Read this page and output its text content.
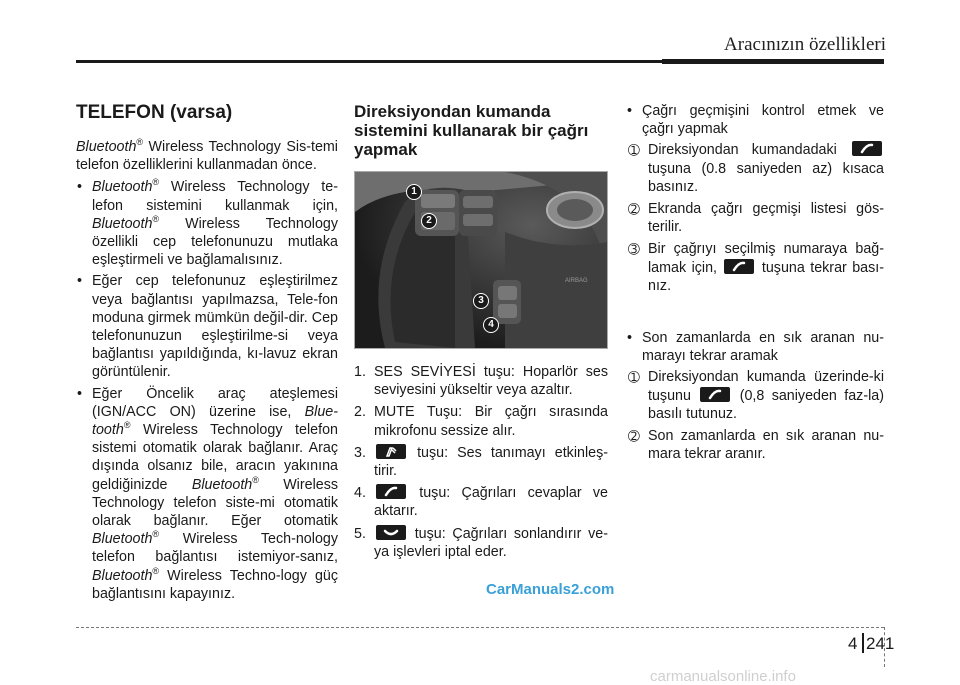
Aracınızın özellikleri
TELEFON (varsa)

Bluetooth® Wireless Technology Sis-temi telefon özelliklerini kullanmadan önce.

• Bluetooth® Wireless Technology te-lefon sistemini kullanmak için, Bluetooth® Wireless Technology özellikli cep telefonunuzu mutlaka eşleştirmeli ve bağlamalısınız.
• Eğer cep telefonunuz eşleştirilmez veya bağlantısı yapılmazsa, Tele-fon moduna girmek mümkün değil-dir. Cep telefonunuzun eşleştirilme-si veya bağlantısı yapıldığında, kı-lavuz ekran görüntülenir.
• Eğer Öncelik araç ateşlemesi (IGN/ACC ON) üzerine ise, Blue-tooth® Wireless Technology telefon sistemi otomatik olarak bağlanır. Araç dışında olsanız bile, aracın yakınına geldiğinizde Bluetooth® Wireless Technology telefon siste-mi otomatik olarak bağlanır. Eğer otomatik Bluetooth® Wireless Tech-nology telefon bağlantısı istemiyor-sanız, Bluetooth® Wireless Techno-logy güç bağlantısını kapayınız.
Direksiyondan kumanda sistemini kullanarak bir çağrı yapmak
AIRBAG
1
2
3
4
1. SES SEVİYESİ tuşu: Hoparlör ses seviyesini yükseltir veya azaltır.
2. MUTE Tuşu: Bir çağrı sırasında mikrofonu sessize alır.
3.	tuşu: Ses tanımayı etkinleş-tirir.
4.	tuşu: Çağrıları cevaplar ve aktarır.
5.	tuşu: Çağrıları sonlandırır ve-ya işlevleri iptal eder.
• Çağrı geçmişini kontrol etmek ve çağrı yapmak
➀ Direksiyondan kumandadaki
tuşuna (0.8 saniyeden az) kısaca basınız.
➁ Ekranda çağrı geçmişi listesi gös-terilir.
➂ Bir çağrıyı seçilmiş numaraya bağ-lamak için,
tuşuna tekrar bası-nız.
• Son zamanlarda en sık aranan nu-marayı tekrar aramak
➀ Direksiyondan kumanda üzerinde-ki tuşunu
(0,8 saniyeden faz-la) basılı tutunuz.
➁ Son zamanlarda en sık aranan nu-mara tekrar aranır.
CarManuals2.com
4 241
carmanualsonline.info
